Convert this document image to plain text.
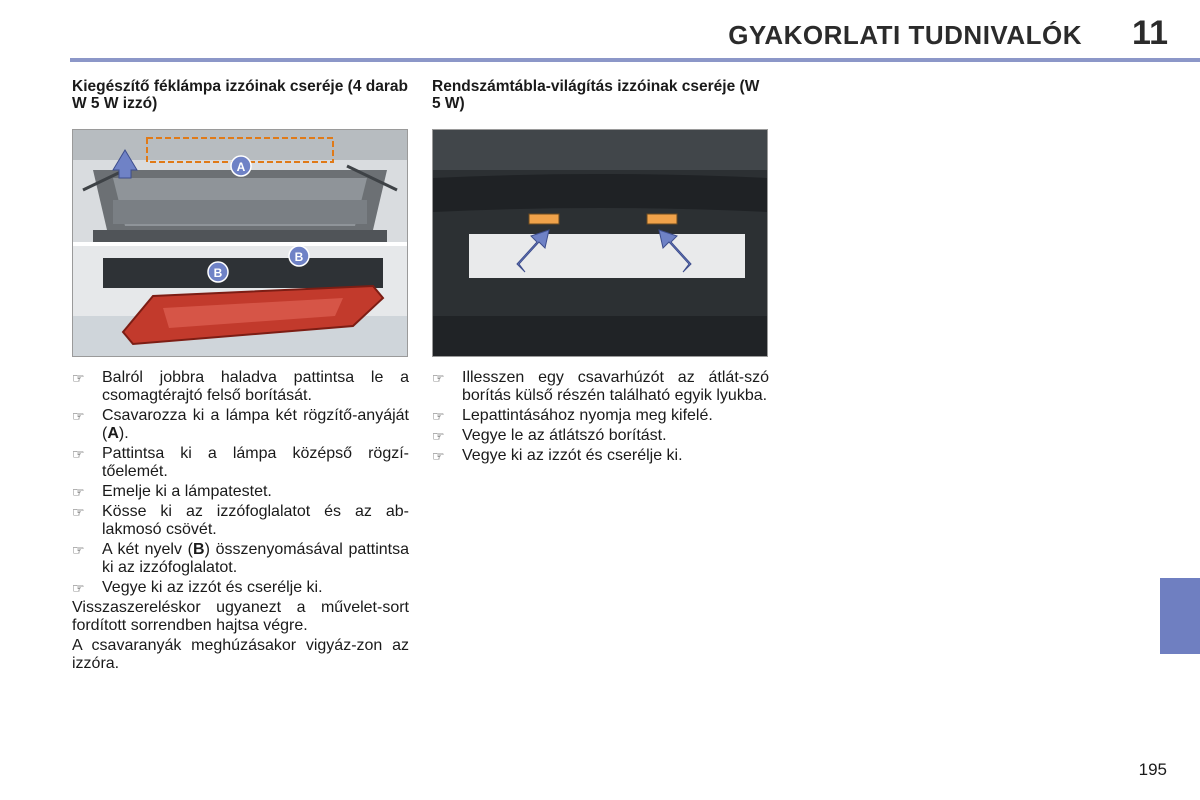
GYAKORLATI TUDNIVALÓK 11
195
Kiegészítő féklámpa izzóinak cseréje (4 darab W 5 W izzó)
A
B
B
☞ Balról jobbra haladva pattintsa le a csomagtérajtó felső borítását.
☞ Csavarozza ki a lámpa két rögzítő-anyáját (A).
☞ Pattintsa ki a lámpa középső rögzí-tőelemét.
☞ Emelje ki a lámpatestet.
☞ Kösse ki az izzófoglalatot és az ab-lakmosó csövét.
☞ A két nyelv (B) összenyomásával pattintsa ki az izzófoglalatot.
☞ Vegye ki az izzót és cserélje ki.

Visszaszereléskor ugyanezt a művelet-sort fordított sorrendben hajtsa végre.

A csavaranyák meghúzásakor vigyáz-zon az izzóra.

Rendszámtábla-világítás izzóinak cseréje (W 5 W)
☞ Illesszen egy csavarhúzót az átlát-szó borítás külső részén található egyik lyukba.
☞ Lepattintásához nyomja meg kifelé.
☞ Vegye le az átlátszó borítást.
☞ Vegye ki az izzót és cserélje ki.
